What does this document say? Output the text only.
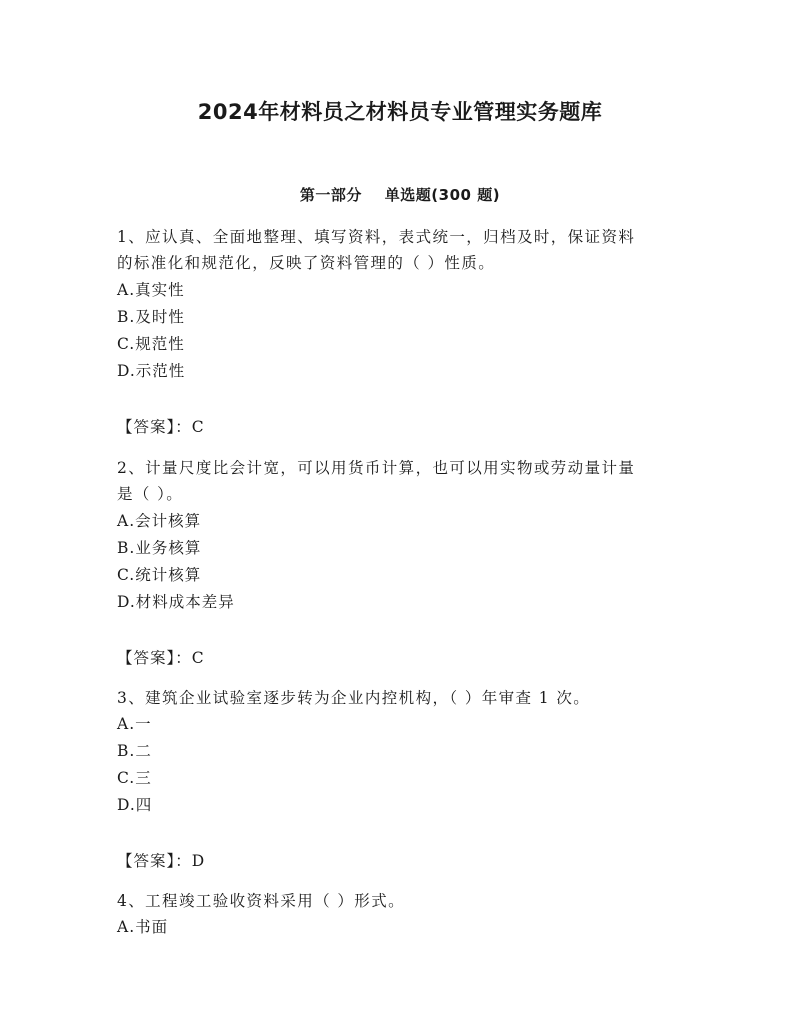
2024年材料员之材料员专业管理实务题库
第一部分    单选题(300 题)

1、应认真、全面地整理、填写资料，表式统一，归档及时，保证资料

的标准化和规范化，反映了资料管理的（ ）性质。

A.真实性

B.及时性

C.规范性

D.示范性

【答案】：C

2、计量尺度比会计宽，可以用货币计算，也可以用实物或劳动量计量

是（ ）。

A.会计核算

B.业务核算

C.统计核算

D.材料成本差异

【答案】：C

3、建筑企业试验室逐步转为企业内控机构，（ ）年审查 1 次。

A.一

B.二

C.三

D.四

【答案】：D

4、工程竣工验收资料采用（ ）形式。

A.书面
